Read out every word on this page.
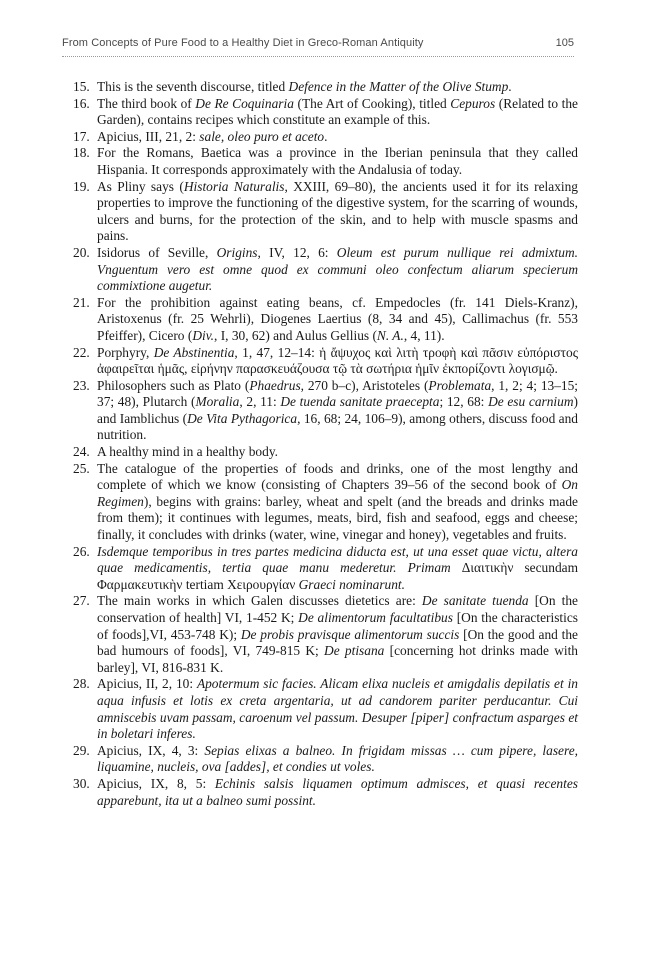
From Concepts of Pure Food to a Healthy Diet in Greco-Roman Antiquity	105
15. This is the seventh discourse, titled Defence in the Matter of the Olive Stump.
16. The third book of De Re Coquinaria (The Art of Cooking), titled Cepuros (Related to the Garden), contains recipes which constitute an example of this.
17. Apicius, III, 21, 2: sale, oleo puro et aceto.
18. For the Romans, Baetica was a province in the Iberian peninsula that they called Hispania. It corresponds approximately with the Andalusia of today.
19. As Pliny says (Historia Naturalis, XXIII, 69–80), the ancients used it for its relaxing properties to improve the functioning of the digestive system, for the scarring of wounds, ulcers and burns, for the protection of the skin, and to help with muscle spasms and pains.
20. Isidorus of Seville, Origins, IV, 12, 6: Oleum est purum nullique rei admixtum. Vnguentum vero est omne quod ex communi oleo confectum aliarum specierum commixtione augetur.
21. For the prohibition against eating beans, cf. Empedocles (fr. 141 Diels-Kranz), Aristoxenus (fr. 25 Wehrli), Diogenes Laertius (8, 34 and 45), Callimachus (fr. 553 Pfeiffer), Cicero (Div., I, 30, 62) and Aulus Gellius (N. A., 4, 11).
22. Porphyry, De Abstinentia, 1, 47, 12–14: ἡ ἄψυχος καὶ λιτὴ τροφὴ καὶ πᾶσιν εὐπόριστος ἀφαιρεῖται ἡμᾶς, εἰρήνην παρασκευάζουσα τῷ τὰ σωτήρια ἡμῖν ἐκπορίζοντι λογισμῷ.
23. Philosophers such as Plato (Phaedrus, 270 b–c), Aristoteles (Problemata, 1, 2; 4; 13–15; 37; 48), Plutarch (Moralia, 2, 11: De tuenda sanitate praecepta; 12, 68: De esu carnium) and Iamblichus (De Vita Pythagorica, 16, 68; 24, 106–9), among others, discuss food and nutrition.
24. A healthy mind in a healthy body.
25. The catalogue of the properties of foods and drinks, one of the most lengthy and complete of which we know (consisting of Chapters 39–56 of the second book of On Regimen), begins with grains: barley, wheat and spelt (and the breads and drinks made from them); it continues with legumes, meats, bird, fish and seafood, eggs and cheese; finally, it concludes with drinks (water, wine, vinegar and honey), vegetables and fruits.
26. Isdemque temporibus in tres partes medicina diducta est, ut una esset quae victu, altera quae medicamentis, tertia quae manu mederetur. Primam Διαιτικὴν secundam Φαρμακευτικὴν tertiam Χειρουργίαν Graeci nominarunt.
27. The main works in which Galen discusses dietetics are: De sanitate tuenda [On the conservation of health] VI, 1-452 K; De alimentorum facultatibus [On the characteristics of foods],VI, 453-748 K); De probis pravisque alimentorum succis [On the good and the bad humours of foods], VI, 749-815 K; De ptisana [concerning hot drinks made with barley], VI, 816-831 K.
28. Apicius, II, 2, 10: Apotermum sic facies. Alicam elixa nucleis et amigdalis depilatis et in aqua infusis et lotis ex creta argentaria, ut ad candorem pariter perducantur. Cui amniscebis uvam passam, caroenum vel passum. Desuper [piper] confractum asparges et in boletari inferes.
29. Apicius, IX, 4, 3: Sepias elixas a balneo. In frigidam missas … cum pipere, lasere, liquamine, nucleis, ova [addes], et condies ut voles.
30. Apicius, IX, 8, 5: Echinis salsis liquamen optimum admisces, et quasi recentes apparebunt, ita ut a balneo sumi possint.
